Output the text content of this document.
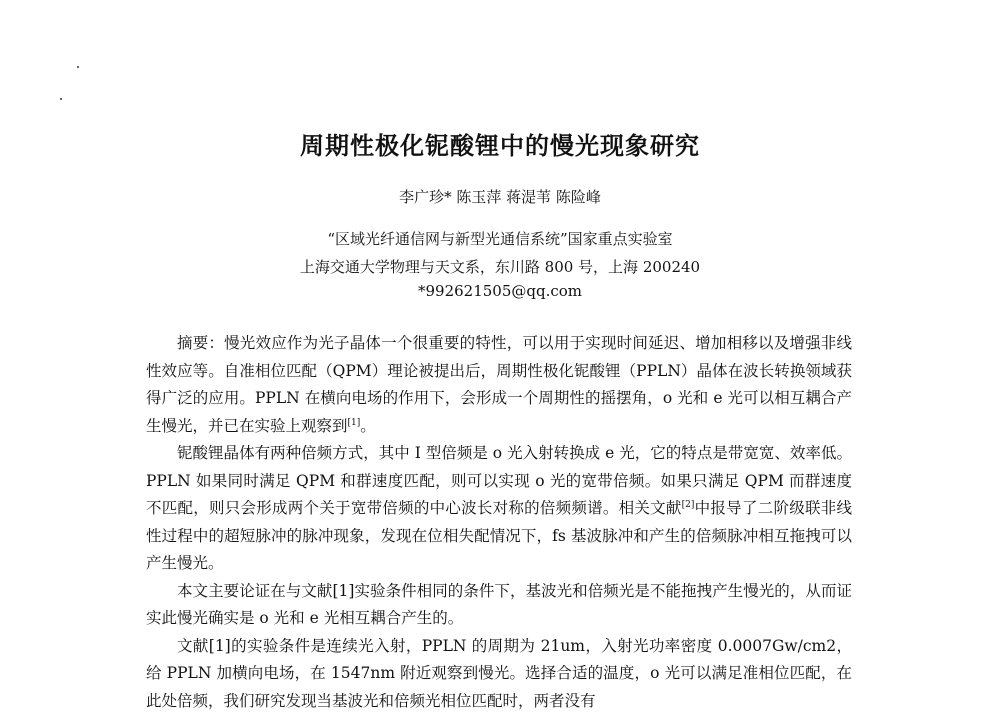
周期性极化铌酸锂中的慢光现象研究
李广珍* 陈玉萍 蒋湜苇 陈险峰
“区域光纤通信网与新型光通信系统”国家重点实验室
上海交通大学物理与天文系，东川路 800 号，上海 200240
*992621505@qq.com

摘要：慢光效应作为光子晶体一个很重要的特性，可以用于实现时间延迟、增加相移以及增强非线性效应等。自准相位匹配（QPM）理论被提出后，周期性极化铌酸锂（PPLN）晶体在波长转换领域获得广泛的应用。PPLN 在横向电场的作用下，会形成一个周期性的摇摆角，o 光和 e 光可以相互耦合产生慢光，并已在实验上观察到[1]。

铌酸锂晶体有两种倍频方式，其中 I 型倍频是 o 光入射转换成 e 光，它的特点是带宽宽、效率低。PPLN 如果同时满足 QPM 和群速度匹配，则可以实现 o 光的宽带倍频。如果只满足 QPM 而群速度不匹配，则只会形成两个关于宽带倍频的中心波长对称的倍频频谱。相关文献[2]中报导了二阶级联非线性过程中的超短脉冲的脉冲现象，发现在位相失配情况下，fs 基波脉冲和产生的倍频脉冲相互拖拽可以产生慢光。

本文主要论证在与文献[1]实验条件相同的条件下，基波光和倍频光是不能拖拽产生慢光的，从而证实此慢光确实是 o 光和 e 光相互耦合产生的。

文献[1]的实验条件是连续光入射，PPLN 的周期为 21um，入射光功率密度 0.0007Gw/cm2，给 PPLN 加横向电场，在 1547nm 附近观察到慢光。选择合适的温度，o 光可以满足准相位匹配，在此处倍频，我们研究发现当基波光和倍频光相位匹配时，两者没有
